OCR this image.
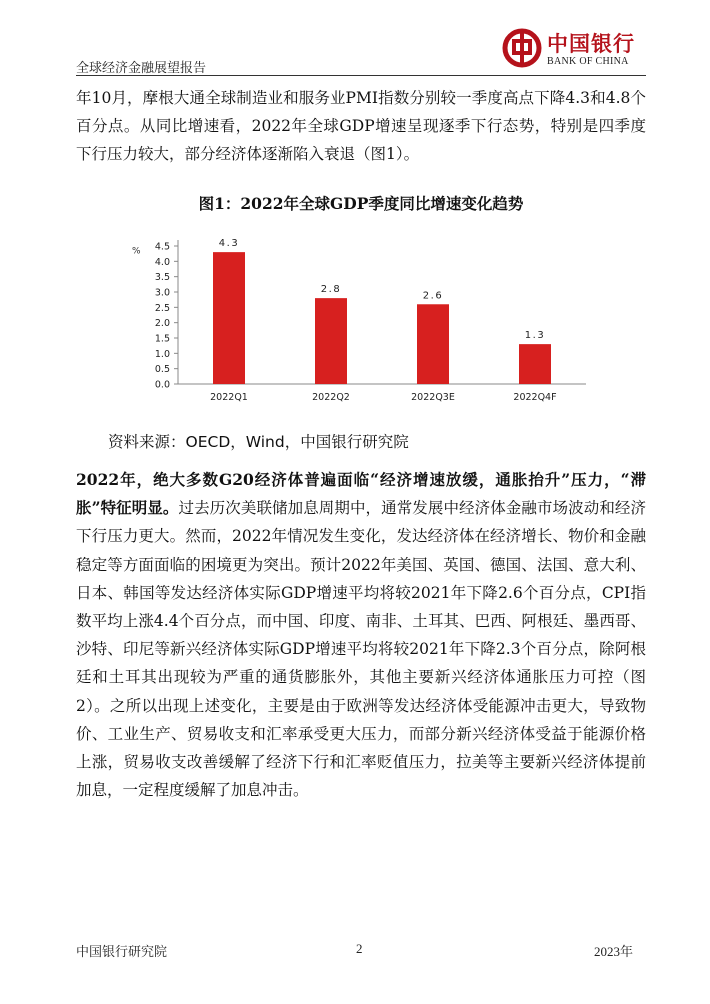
全球经济金融展望报告
中国银行
BANK OF CHINA

年10月，摩根大通全球制造业和服务业PMI指数分别较一季度高点下降4.3和4.8个百分点。从同比增速看，2022年全球GDP增速呈现逐季下行态势，特别是四季度下行压力较大，部分经济体逐渐陷入衰退（图1）。

图1：2022年全球GDP季度同比增速变化趋势
% 4.5
4.0
3.5
3.0
2.5
2.0
1.5
1.0
0.5
0.0
4.3
2022Q1
2.8
2022Q2
2.6
2022Q3E
1.3
2022Q4F
资料来源：OECD，Wind，中国银行研究院

2022年，绝大多数G20经济体普遍面临“经济增速放缓，通胀抬升”压力，“滞胀”特征明显。过去历次美联储加息周期中，通常发展中经济体金融市场波动和经济下行压力更大。然而，2022年情况发生变化，发达经济体在经济增长、物价和金融稳定等方面面临的困境更为突出。预计2022年美国、英国、德国、法国、意大利、日本、韩国等发达经济体实际GDP增速平均将较2021年下降2.6个百分点，CPI指数平均上涨4.4个百分点，而中国、印度、南非、土耳其、巴西、阿根廷、墨西哥、沙特、印尼等新兴经济体实际GDP增速平均将较2021年下降2.3个百分点，除阿根廷和土耳其出现较为严重的通货膨胀外，其他主要新兴经济体通胀压力可控（图2）。之所以出现上述变化，主要是由于欧洲等发达经济体受能源冲击更大，导致物价、工业生产、贸易收支和汇率承受更大压力，而部分新兴经济体受益于能源价格上涨，贸易收支改善缓解了经济下行和汇率贬值压力，拉美等主要新兴经济体提前加息，一定程度缓解了加息冲击。

中国银行研究院	2	2023年
